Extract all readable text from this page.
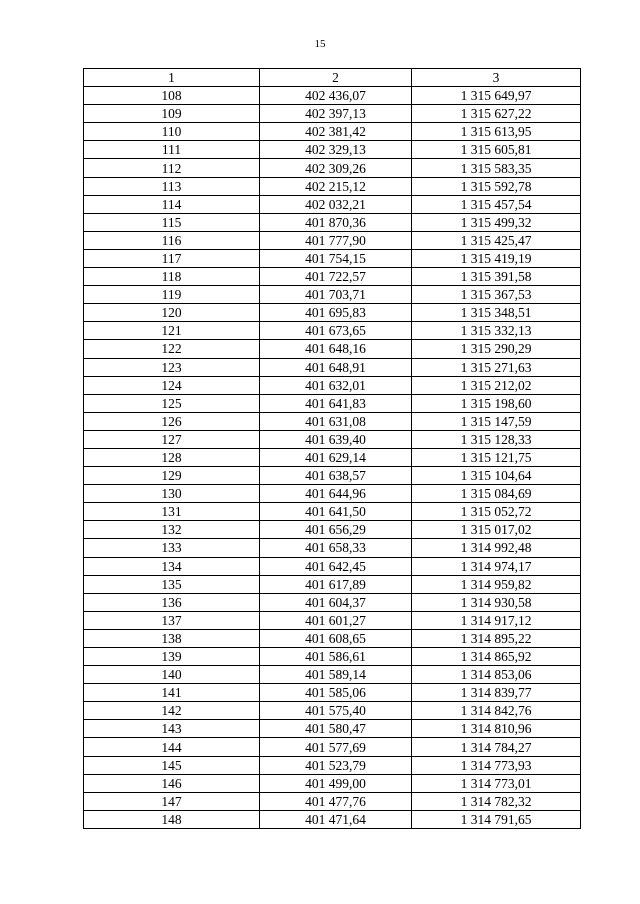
15
1	2	3
108	402 436,07	1 315 649,97
109	402 397,13	1 315 627,22
110	402 381,42	1 315 613,95
111	402 329,13	1 315 605,81
112	402 309,26	1 315 583,35
113	402 215,12	1 315 592,78
114	402 032,21	1 315 457,54
115	401 870,36	1 315 499,32
116	401 777,90	1 315 425,47
117	401 754,15	1 315 419,19
118	401 722,57	1 315 391,58
119	401 703,71	1 315 367,53
120	401 695,83	1 315 348,51
121	401 673,65	1 315 332,13
122	401 648,16	1 315 290,29
123	401 648,91	1 315 271,63
124	401 632,01	1 315 212,02
125	401 641,83	1 315 198,60
126	401 631,08	1 315 147,59
127	401 639,40	1 315 128,33
128	401 629,14	1 315 121,75
129	401 638,57	1 315 104,64
130	401 644,96	1 315 084,69
131	401 641,50	1 315 052,72
132	401 656,29	1 315 017,02
133	401 658,33	1 314 992,48
134	401 642,45	1 314 974,17
135	401 617,89	1 314 959,82
136	401 604,37	1 314 930,58
137	401 601,27	1 314 917,12
138	401 608,65	1 314 895,22
139	401 586,61	1 314 865,92
140	401 589,14	1 314 853,06
141	401 585,06	1 314 839,77
142	401 575,40	1 314 842,76
143	401 580,47	1 314 810,96
144	401 577,69	1 314 784,27
145	401 523,79	1 314 773,93
146	401 499,00	1 314 773,01
147	401 477,76	1 314 782,32
148	401 471,64	1 314 791,65
